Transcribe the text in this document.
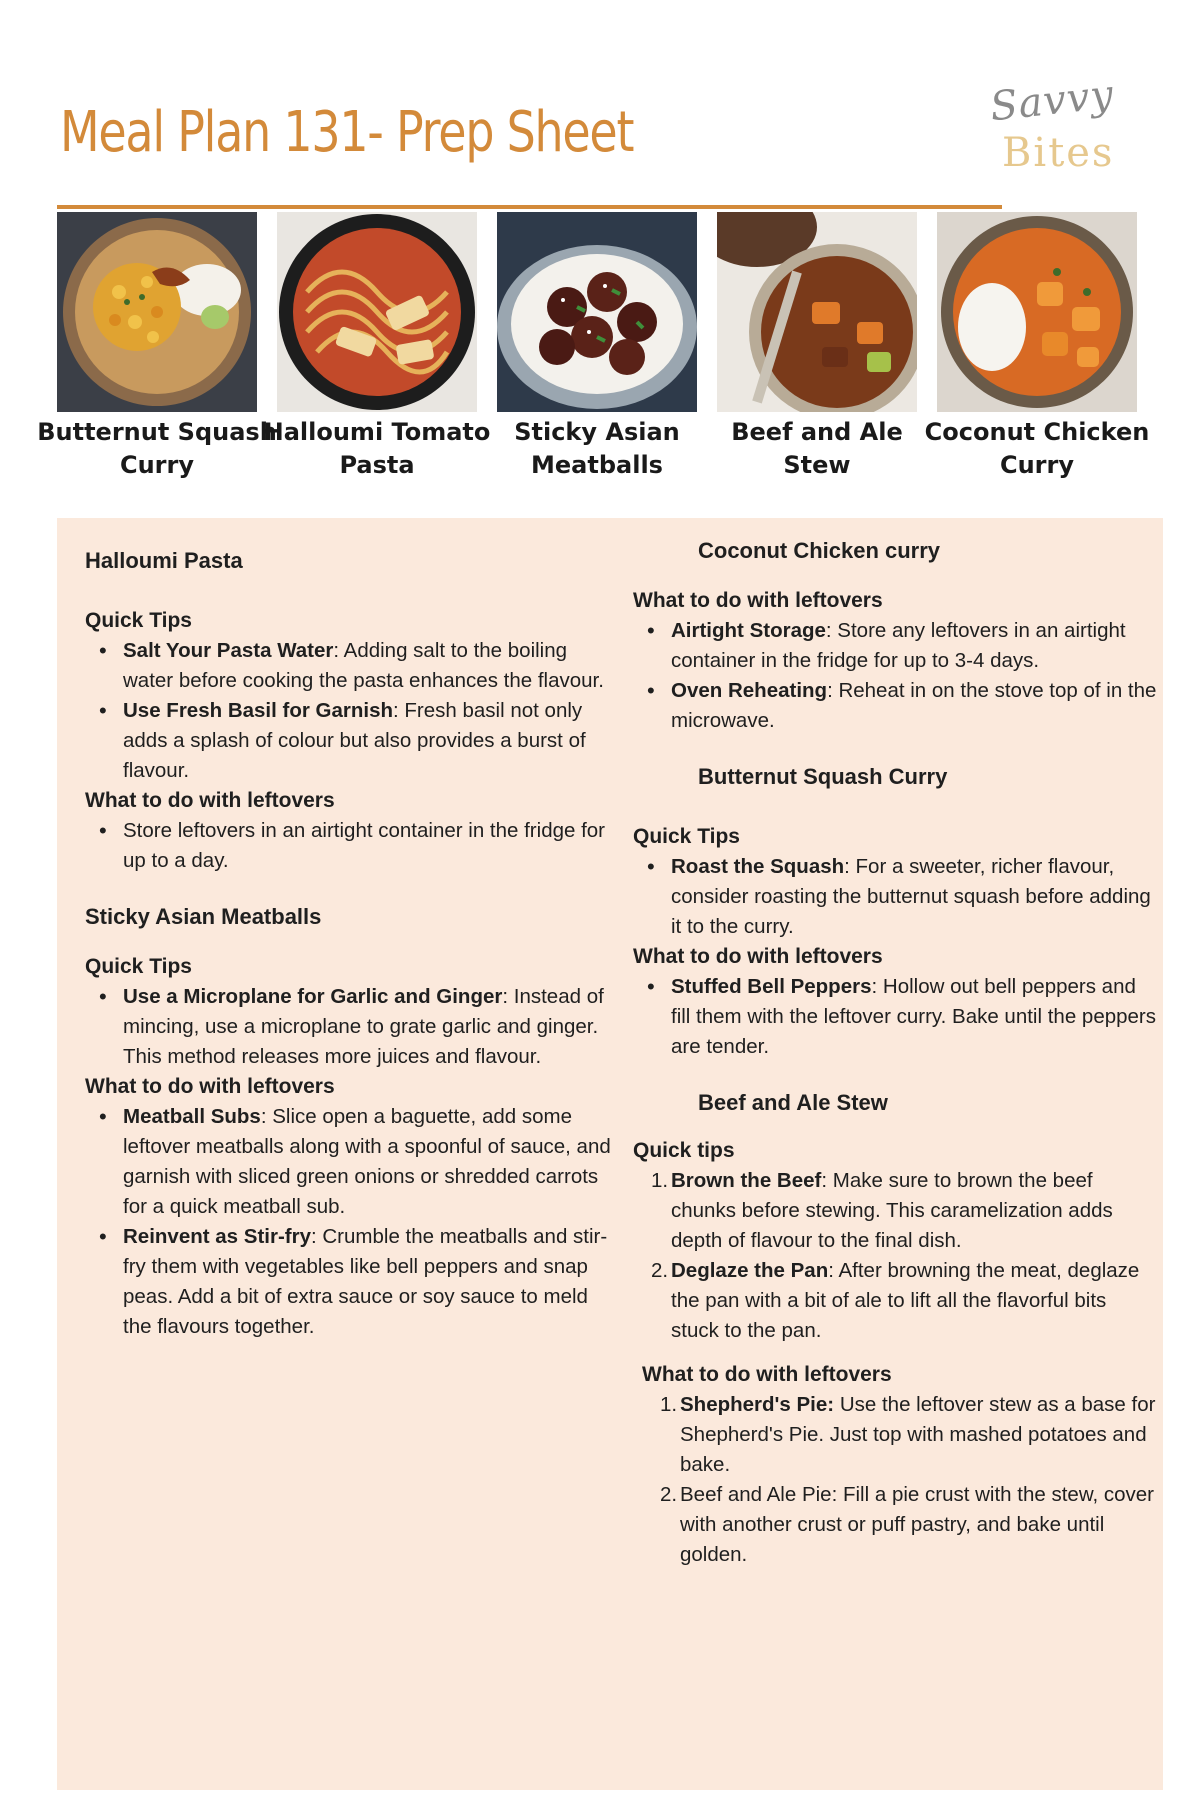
Meal Plan 131- Prep Sheet	Savvy
Bites
Butternut Squash Curry
Halloumi Tomato Pasta
Sticky Asian Meatballs
Beef and Ale Stew
Coconut Chicken Curry
Halloumi Pasta
Quick Tips
• Salt Your Pasta Water: Adding salt to the boiling water before cooking the pasta enhances the flavour.
• Use Fresh Basil for Garnish: Fresh basil not only adds a splash of colour but also provides a burst of flavour.
What to do with leftovers
• Store leftovers in an airtight container in the fridge for up to a day.
Sticky Asian Meatballs
Quick Tips
• Use a Microplane for Garlic and Ginger: Instead of mincing, use a microplane to grate garlic and ginger. This method releases more juices and flavour.
What to do with leftovers
• Meatball Subs: Slice open a baguette, add some leftover meatballs along with a spoonful of sauce, and garnish with sliced green onions or shredded carrots for a quick meatball sub.
• Reinvent as Stir-fry: Crumble the meatballs and stir-fry them with vegetables like bell peppers and snap peas. Add a bit of extra sauce or soy sauce to meld the flavours together.
Coconut Chicken curry
What to do with leftovers
• Airtight Storage: Store any leftovers in an airtight container in the fridge for up to 3-4 days.
• Oven Reheating: Reheat in on the stove top of in the microwave.
Butternut Squash Curry
Quick Tips
• Roast the Squash: For a sweeter, richer flavour, consider roasting the butternut squash before adding it to the curry.
What to do with leftovers
• Stuffed Bell Peppers: Hollow out bell peppers and fill them with the leftover curry. Bake until the peppers are tender.
Beef and Ale Stew
Quick tips
Brown the Beef: Make sure to brown the beef chunks before stewing. This caramelization adds depth of flavour to the final dish.
Deglaze the Pan: After browning the meat, deglaze the pan with a bit of ale to lift all the flavorful bits stuck to the pan.
What to do with leftovers
Shepherd's Pie: Use the leftover stew as a base for Shepherd's Pie. Just top with mashed potatoes and bake.
Beef and Ale Pie: Fill a pie crust with the stew, cover with another crust or puff pastry, and bake until golden.
